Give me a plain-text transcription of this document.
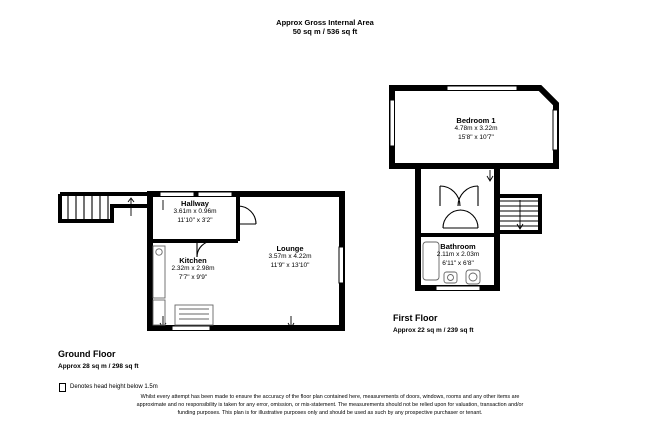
Approx Gross Internal Area
50 sq m / 536 sq ft
Hallway
3.61m x 0.96m
11'10" x 3'2"
Kitchen
2.32m x 2.98m
7'7" x 9'9"
Lounge
3.57m x 4.22m
11'9" x 13'10"
Bedroom 1
4.78m x 3.22m
15'8" x 10'7"
Bathroom
2.11m x 2.03m
6'11" x 6'8"
Ground Floor
Approx 28 sq m / 298 sq ft
First Floor
Approx 22 sq m / 239 sq ft
Denotes head height below 1.5m
Whilst every attempt has been made to ensure the accuracy of the floor plan contained here, measurements of doors, windows, rooms and any other items are approximate and no responsibility is taken for any error, omission, or mis-statement. The measurements should not be relied upon for valuation, transaction and/or funding purposes. This plan is for illustrative purposes only and should be used as such by any prospective purchaser or tenant.
